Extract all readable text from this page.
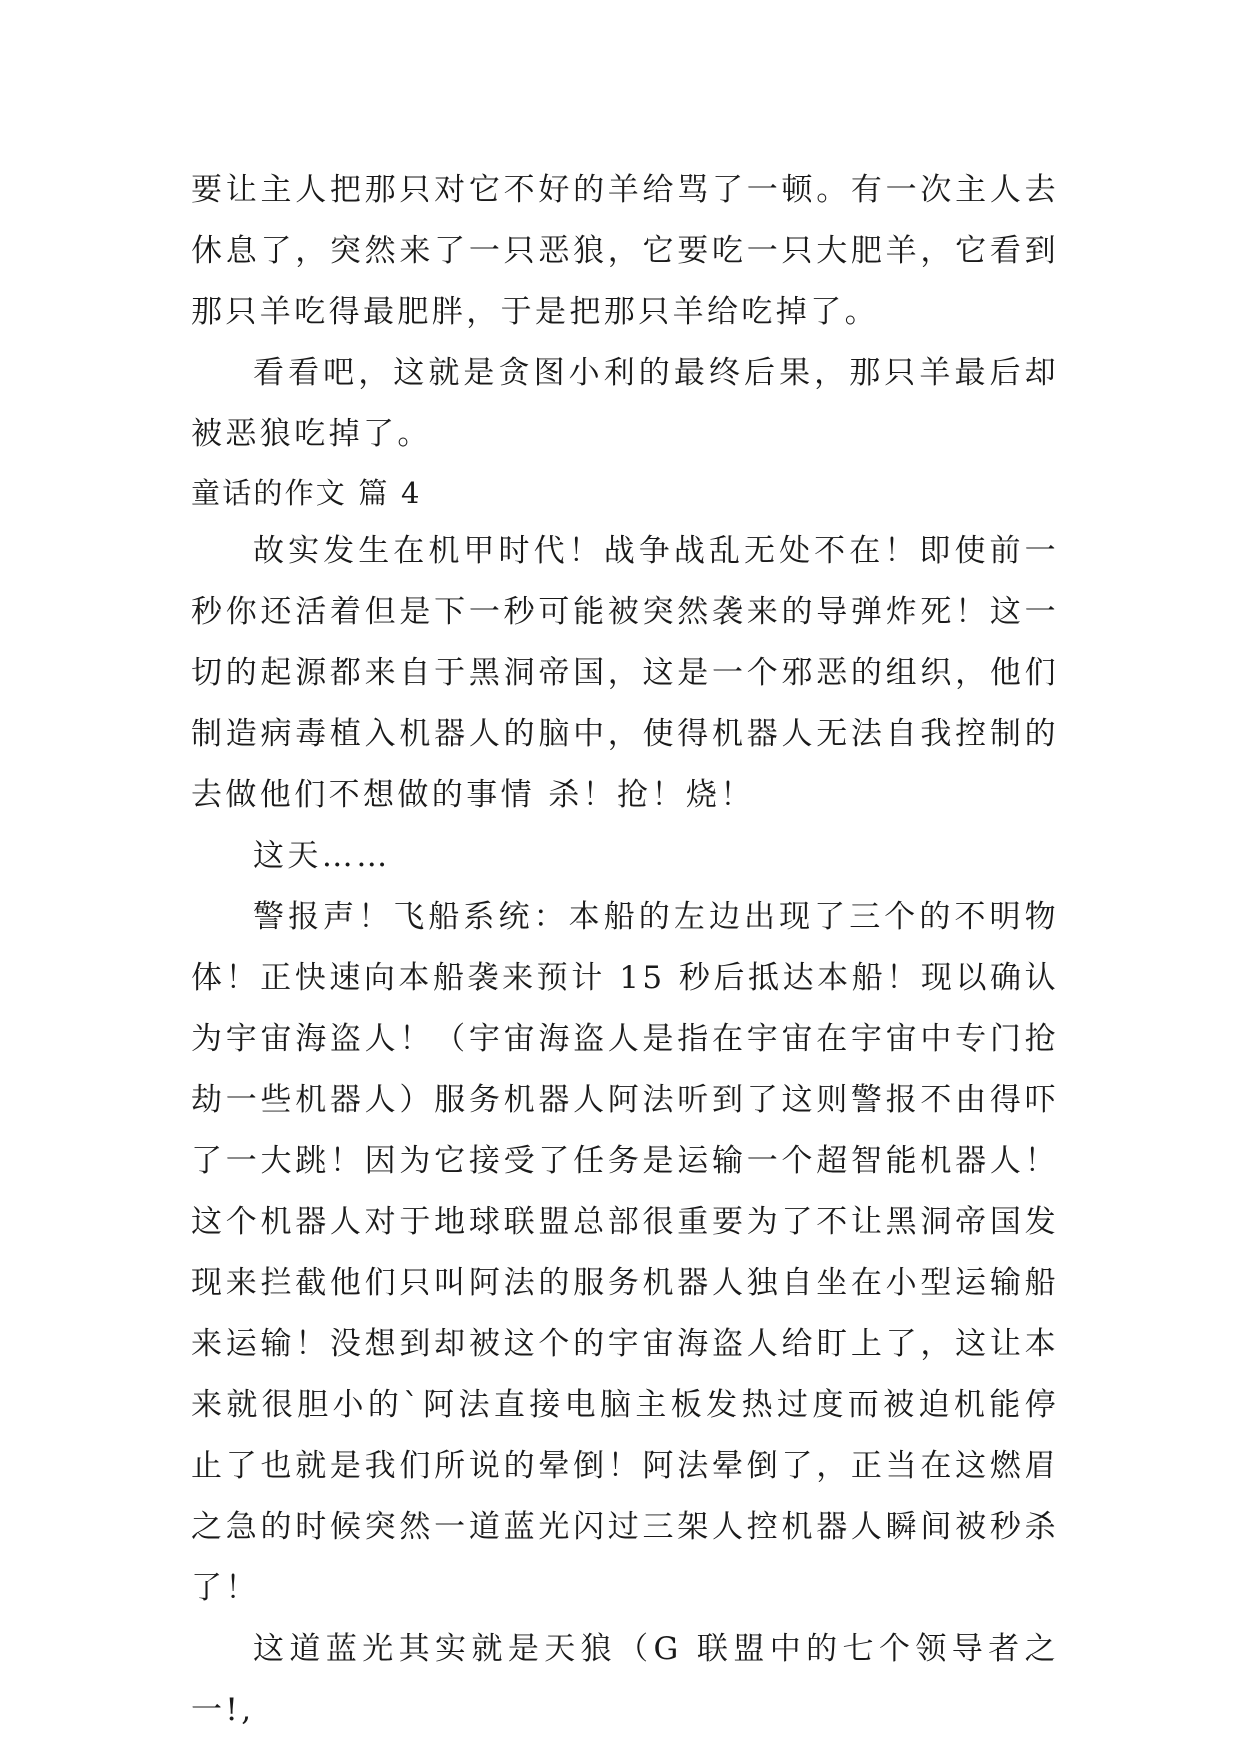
要让主人把那只对它不好的羊给骂了一顿。有一次主人去休息了，突然来了一只恶狼，它要吃一只大肥羊，它看到那只羊吃得最肥胖，于是把那只羊给吃掉了。

看看吧，这就是贪图小利的最终后果，那只羊最后却被恶狼吃掉了。

童话的作文 篇 4

故实发生在机甲时代！战争战乱无处不在！即使前一秒你还活着但是下一秒可能被突然袭来的导弹炸死！这一切的起源都来自于黑洞帝国，这是一个邪恶的组织，他们制造病毒植入机器人的脑中，使得机器人无法自我控制的去做他们不想做的事情 杀！抢！烧！

这天……

警报声！飞船系统：本船的左边出现了三个的不明物体！正快速向本船袭来预计 15 秒后抵达本船！现以确认为宇宙海盗人！（宇宙海盗人是指在宇宙在宇宙中专门抢 劫一些机器人）服务机器人阿法听到了这则警报不由得吓了一大跳！因为它接受了任务是运输一个超智能机器人！这个机器人对于地球联盟总部很重要为了不让黑洞帝国发现来拦截他们只叫阿法的服务机器人独自坐在小型运输船来运输！没想到却被这个的宇宙海盗人给盯上了，这让本来就很胆小的`阿法直接电脑主板发热过度而被迫机能停止了也就是我们所说的晕倒！阿法晕倒了，正当在这燃眉之急的时候突然一道蓝光闪过三架人控机器人瞬间被秒杀了！

这道蓝光其实就是天狼（G 联盟中的七个领导者之一!,
